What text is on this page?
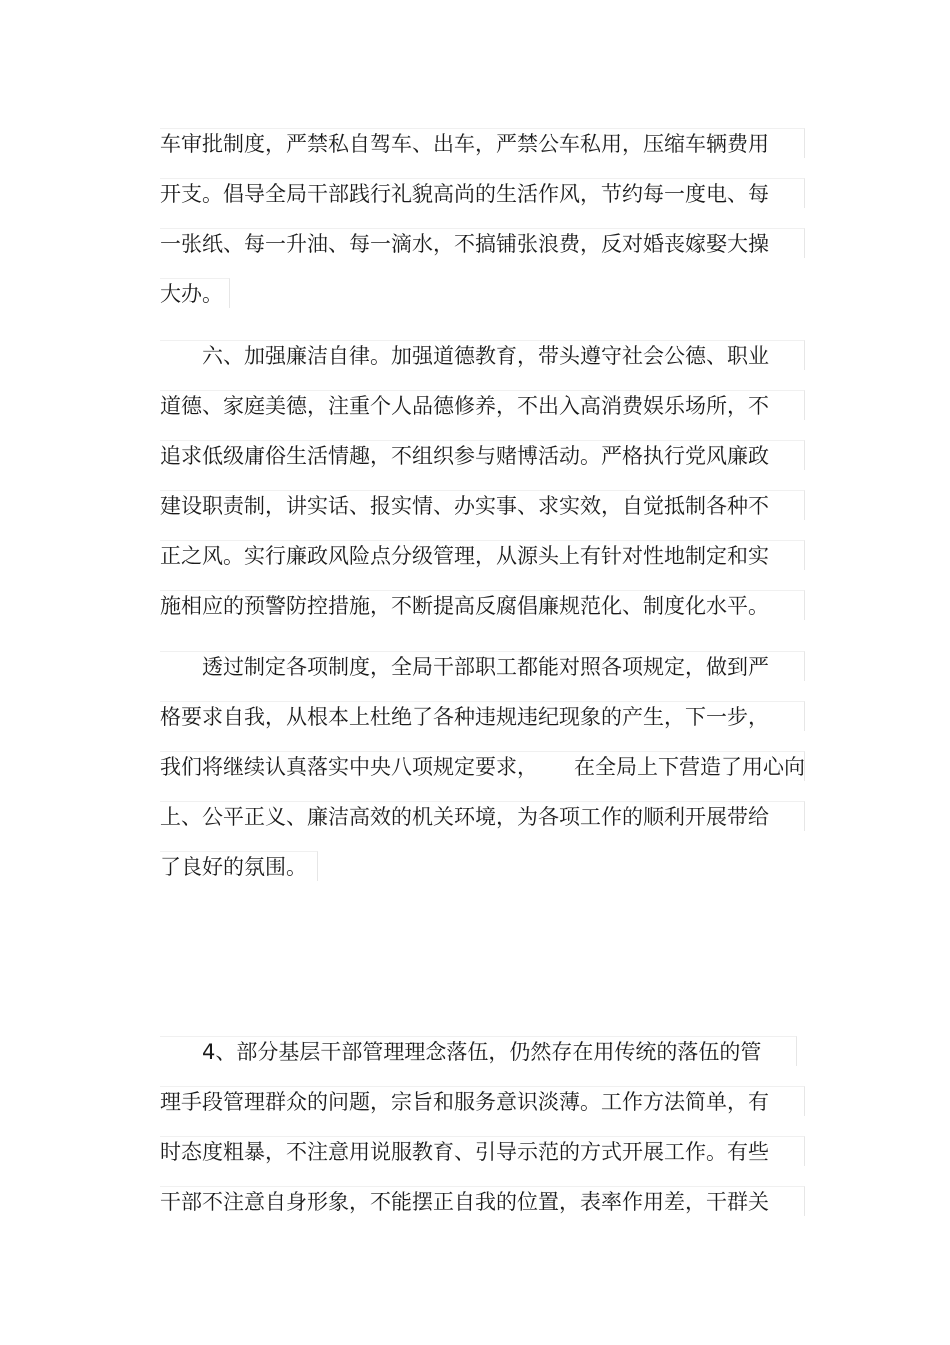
车审批制度，严禁私自驾车、出车，严禁公车私用，压缩车辆费用
开支。倡导全局干部践行礼貌高尚的生活作风，节约每一度电、每
一张纸、每一升油、每一滴水，不搞铺张浪费，反对婚丧嫁娶大操
大办。
　　六、加强廉洁自律。加强道德教育，带头遵守社会公德、职业
道德、家庭美德，注重个人品德修养，不出入高消费娱乐场所，不
追求低级庸俗生活情趣，不组织参与赌博活动。严格执行党风廉政
建设职责制，讲实话、报实情、办实事、求实效，自觉抵制各种不
正之风。实行廉政风险点分级管理，从源头上有针对性地制定和实
施相应的预警防控措施，不断提高反腐倡廉规范化、制度化水平。
　　透过制定各项制度，全局干部职工都能对照各项规定，做到严
格要求自我，从根本上杜绝了各种违规违纪现象的产生，下一步，
我们将继续认真落实中央八项规定要求， 在全局上下营造了用心向
上、公平正义、廉洁高效的机关环境，为各项工作的顺利开展带给
了良好的氛围。
　　4、部分基层干部管理理念落伍，仍然存在用传统的落伍的管
理手段管理群众的问题，宗旨和服务意识淡薄。工作方法简单，有
时态度粗暴，不注意用说服教育、引导示范的方式开展工作。有些
干部不注意自身形象，不能摆正自我的位置，表率作用差，干群关
